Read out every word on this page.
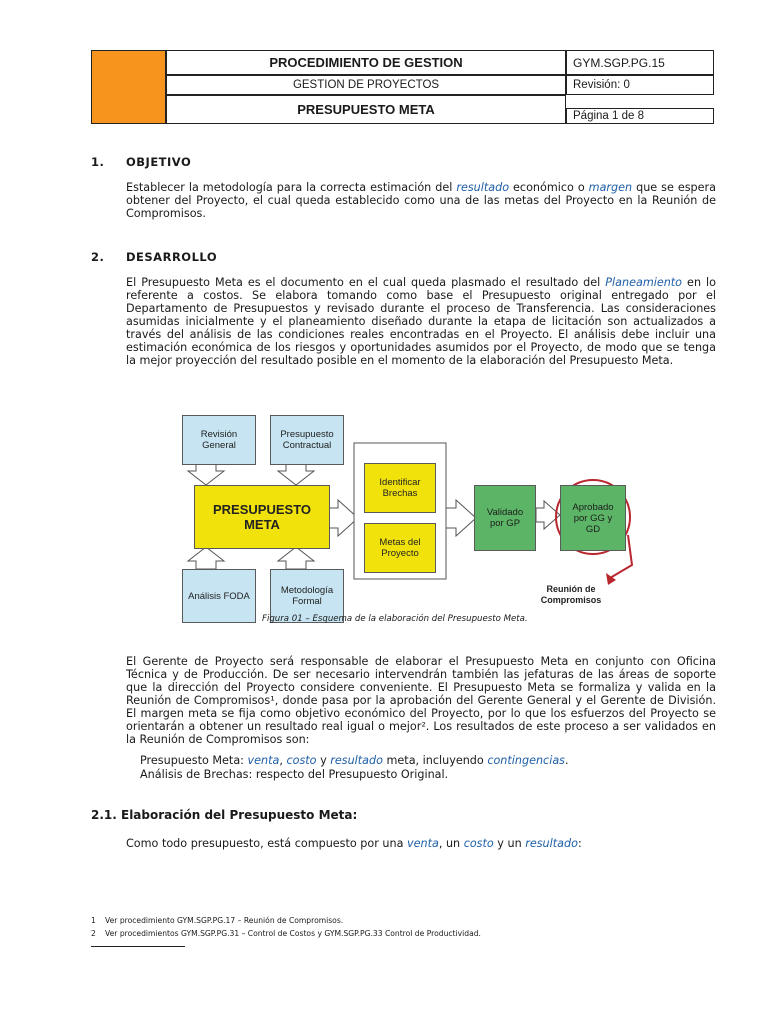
PROCEDIMIENTO DE GESTION	GYM.SGP.PG.15
GESTION DE PROYECTOS	Revisión: 0
PRESUPUESTO META	Página 1 de 8
1. OBJETIVO

Establecer la metodología para la correcta estimación del resultado económico o margen que se espera obtener del Proyecto, el cual queda establecido como una de las metas del Proyecto en la Reunión de Compromisos.

2. DESARROLLO

El Presupuesto Meta es el documento en el cual queda plasmado el resultado del Planeamiento en lo referente a costos. Se elabora tomando como base el Presupuesto original entregado por el Departamento de Presupuestos y revisado durante el proceso de Transferencia. Las consideraciones asumidas inicialmente y el planeamiento diseñado durante la etapa de licitación son actualizados a través del análisis de las condiciones reales encontradas en el Proyecto. El análisis debe incluir una estimación económica de los riesgos y oportunidades asumidos por el Proyecto, de modo que se tenga la mejor proyección del resultado posible en el momento de la elaboración del Presupuesto Meta.

Revisión General
Presupuesto Contractual
PRESUPUESTO META
Análisis FODA	Metodología Formal
Identificar Brechas
Metas del Proyecto
Validado por GP
Aprobado por GG y GD
Reunión de Compromisos
Figura 01 – Esquema de la elaboración del Presupuesto Meta.

El Gerente de Proyecto será responsable de elaborar el Presupuesto Meta en conjunto con Oficina Técnica y de Producción. De ser necesario intervendrán también las jefaturas de las áreas de soporte que la dirección del Proyecto considere conveniente. El Presupuesto Meta se formaliza y valida en la Reunión de Compromisos¹, donde pasa por la aprobación del Gerente General y el Gerente de División. El margen meta se fija como objetivo económico del Proyecto, por lo que los esfuerzos del Proyecto se orientarán a obtener un resultado real igual o mejor². Los resultados de este proceso a ser validados en la Reunión de Compromisos son:

Presupuesto Meta: venta, costo y resultado meta, incluyendo contingencias.
Análisis de Brechas: respecto del Presupuesto Original.
2.1. Elaboración del Presupuesto Meta:
Como todo presupuesto, está compuesto por una venta, un costo y un resultado:
1 Ver procedimiento GYM.SGP.PG.17 – Reunión de Compromisos.
2 Ver procedimientos GYM.SGP.PG.31 – Control de Costos y GYM.SGP.PG.33 Control de Productividad.
